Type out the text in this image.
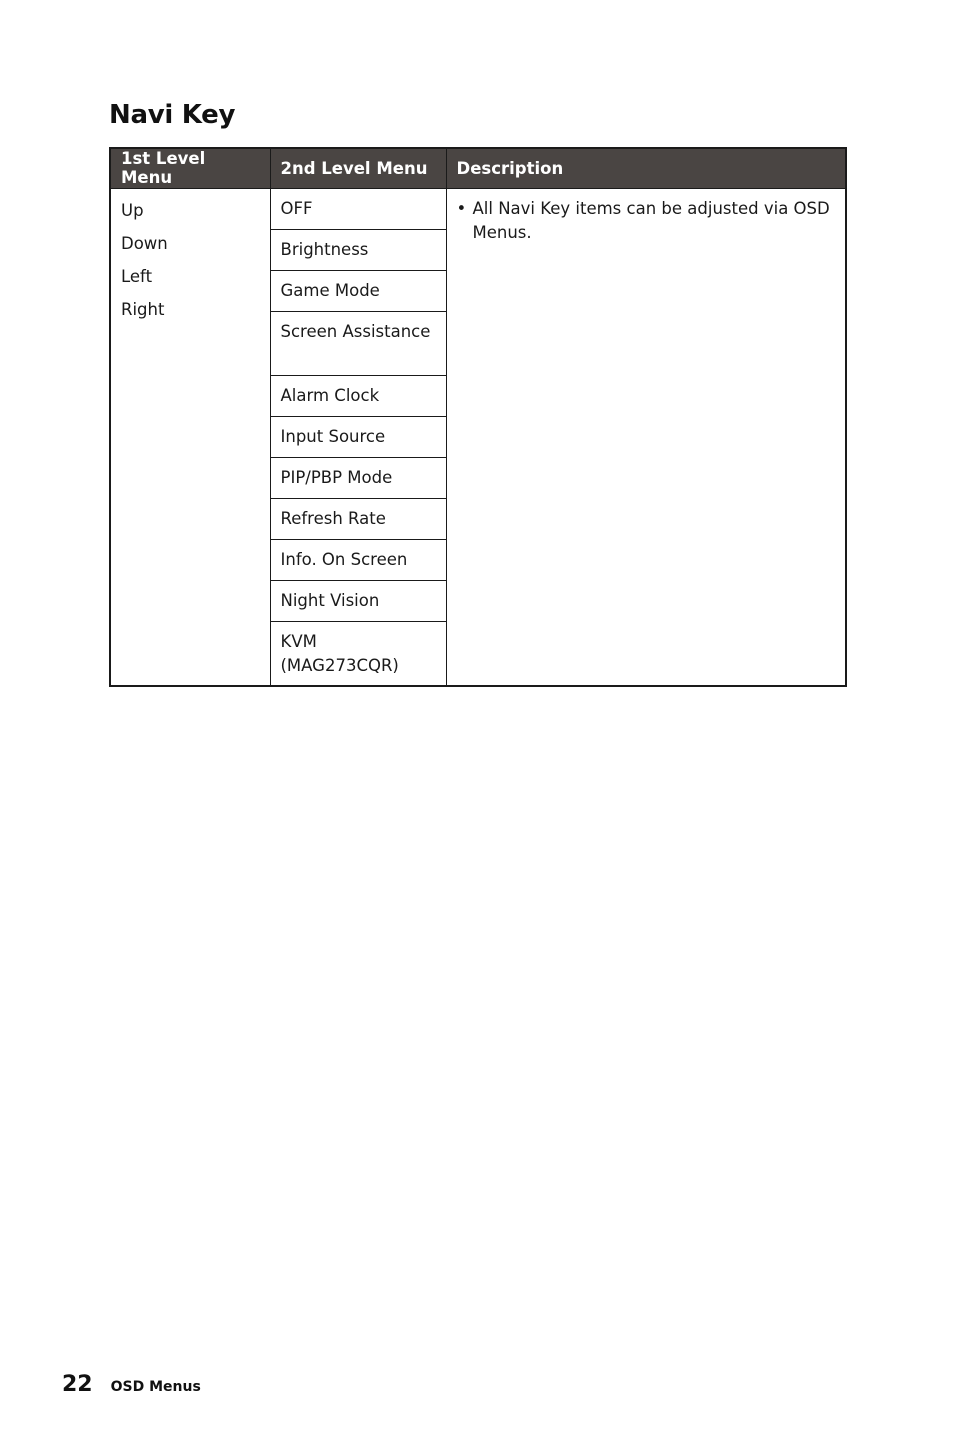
Navi Key
1st Level Menu	2nd Level Menu	Description

Up
Down
Left
Right	OFF	• All Navi Key items can be adjusted via OSD Menus.

	Brightness	
	Game Mode	
	Screen Assistance	
	Alarm Clock	
	Input Source	
	PIP/PBP Mode	
	Refresh Rate	
	Info. On Screen	
	Night Vision	
	KVM (MAG273CQR)	
22 OSD Menus
